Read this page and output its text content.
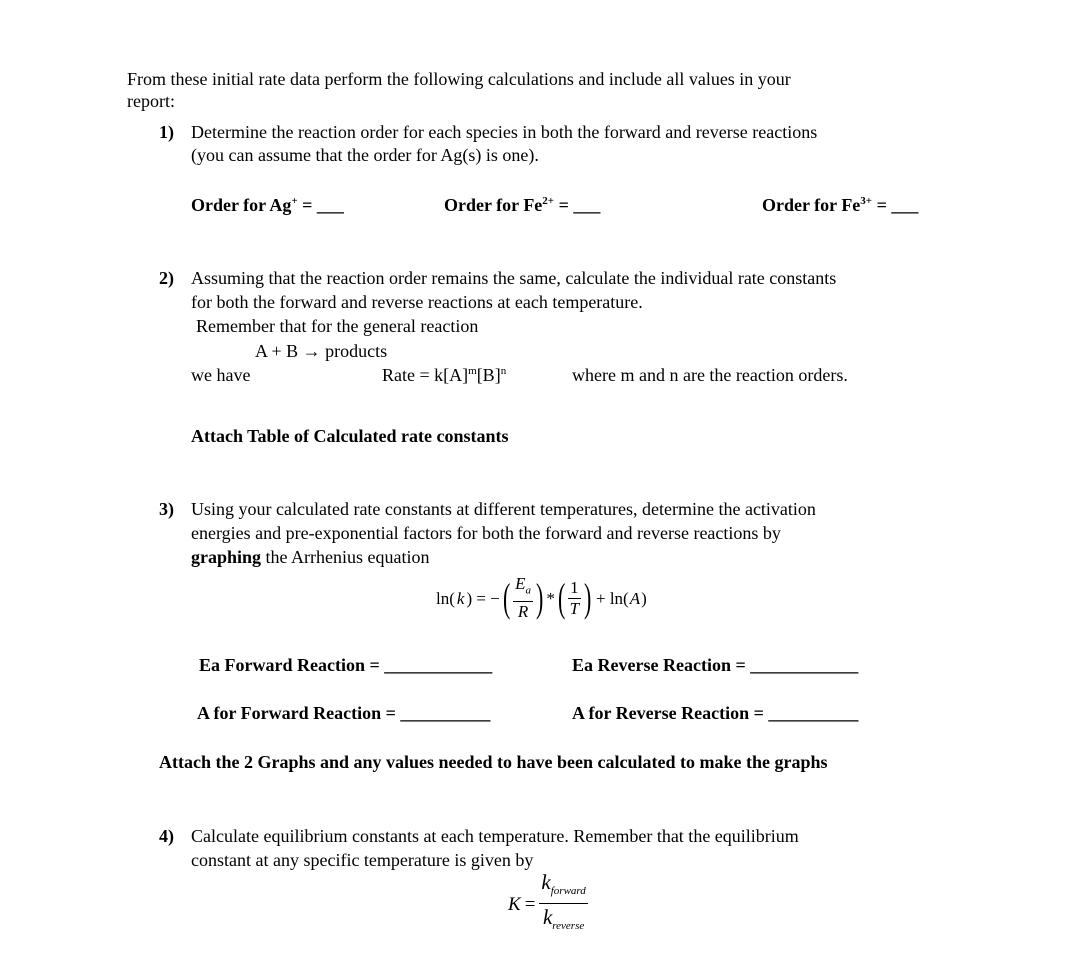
From these initial rate data perform the following calculations and include all values in your
report:
1) Determine the reaction order for each species in both the forward and reverse reactions
(you can assume that the order for Ag(s) is one).
Order for Ag+ = ___	Order for $Fe^{2+}$ = ___	Order for $Fe^{3+}$ = ___
2) Assuming that the reaction order remains the same, calculate the individual rate constants
for both the forward and reverse reactions at each temperature.
Remember that for the general reaction
A + B → products
we have	Rate = $k[A]^m[B]^n$	where m and n are the reaction orders.
Attach Table of Calculated rate constants
3) Using your calculated rate constants at different temperatures, determine the activation
energies and pre-exponential factors for both the forward and reverse reactions by
graphing the Arrhenius equation
ln( k ) = − ( $\frac{E_a}{R}$ ) * ( $\frac{1}{T}$ ) + ln( A )
Ea Forward Reaction = ____________	Ea Reverse Reaction = ____________
A for Forward Reaction = __________	A for Reverse Reaction = __________
Attach the 2 Graphs and any values needed to have been calculated to make the graphs
4) Calculate equilibrium constants at each temperature. Remember that the equilibrium
constant at any specific temperature is given by
$K = \frac{k_{forward}}{k_{reverse}}$
